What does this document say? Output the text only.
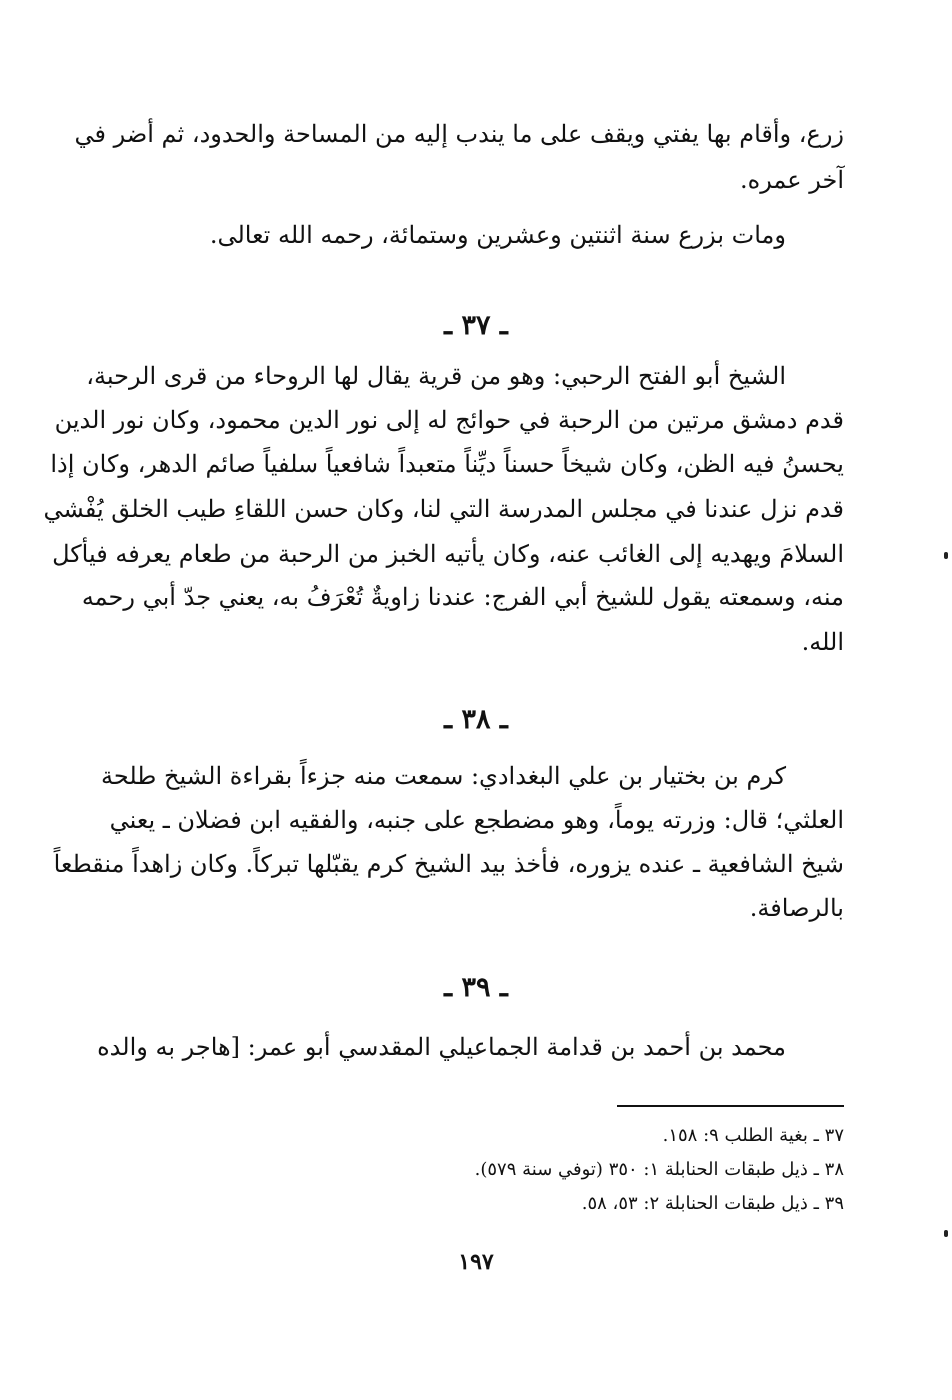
زرع، وأقام بها يفتي ويقف على ما يندب إليه من المساحة والحدود، ثم أضر في
آخر عمره.
ومات بزرع سنة اثنتين وعشرين وستمائة، رحمه الله تعالى.
ـ ٣٧ ـ
الشيخ أبو الفتح الرحبي: وهو من قرية يقال لها الروحاء من قرى الرحبة،
قدم دمشق مرتين من الرحبة في حوائج له إلى نور الدين محمود، وكان نور الدين
يحسنُ فيه الظن، وكان شيخاً حسناً ديِّناً متعبداً شافعياً سلفياً صائم الدهر، وكان إذا
قدم نزل عندنا في مجلس المدرسة التي لنا، وكان حسن اللقاءِ طيب الخلق يُفْشي
السلامَ ويهديه إلى الغائب عنه، وكان يأتيه الخبز من الرحبة من طعام يعرفه فيأكل
منه، وسمعته يقول للشيخ أبي الفرج: عندنا زاويةٌ تُعْرَفُ به، يعني جدّ أبي رحمه
الله.
ـ ٣٨ ـ
كرم بن بختيار بن علي البغدادي: سمعت منه جزءاً بقراءة الشيخ طلحة
العلثي؛ قال: وزرته يوماً، وهو مضطجع على جنبه، والفقيه ابن فضلان ـ يعني
شيخ الشافعية ـ عنده يزوره، فأخذ بيد الشيخ كرم يقبّلها تبركاً. وكان زاهداً منقطعاً
بالرصافة.
ـ ٣٩ ـ
محمد بن أحمد بن قدامة الجماعيلي المقدسي أبو عمر: [هاجر به والده
٣٧ ـ بغية الطلب ٩: ١٥٨.
٣٨ ـ ذيل طبقات الحنابلة ١: ٣٥٠ (توفي سنة ٥٧٩).
٣٩ ـ ذيل طبقات الحنابلة ٢: ٥٣، ٥٨.
١٩٧
